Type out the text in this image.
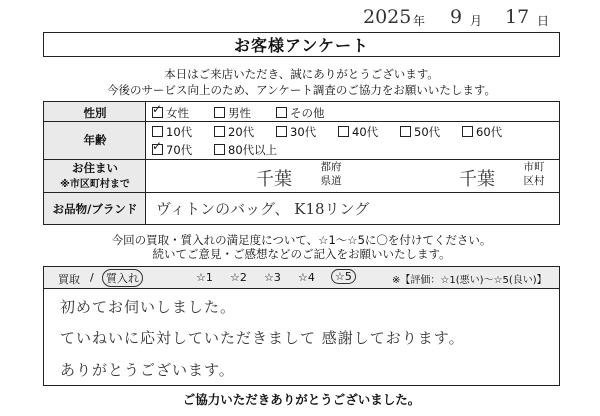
2025 年 9 月 17 日
お客様アンケート
本日はご来店いただき、誠にありがとうございます。
今後のサービス向上のため、アンケート調査のご協力をお願いいたします。
性別
✓	女性	男性	その他
年齢
10代	20代	30代	40代	50代	60代
✓70代	80代以上
お住まい
※市区町村まで	千葉
都府
県道	千葉
市町
区村
お品物/ブランド	ヴィトンのバッグ、 K18リング
今回の買取・質入れの満足度について、☆1～☆5に〇を付けてください。
続いてご意見・ご感想などのご記入をお願いいたします。
買取 /	質入れ	☆1 ☆2 ☆3 ☆4	☆5	※【評価：☆1(悪い)～☆5(良い)】
初めてお伺いしました。
ていねいに応対していただきまして 感謝しております。
ありがとうございます。
ご協力いただきありがとうございました。
